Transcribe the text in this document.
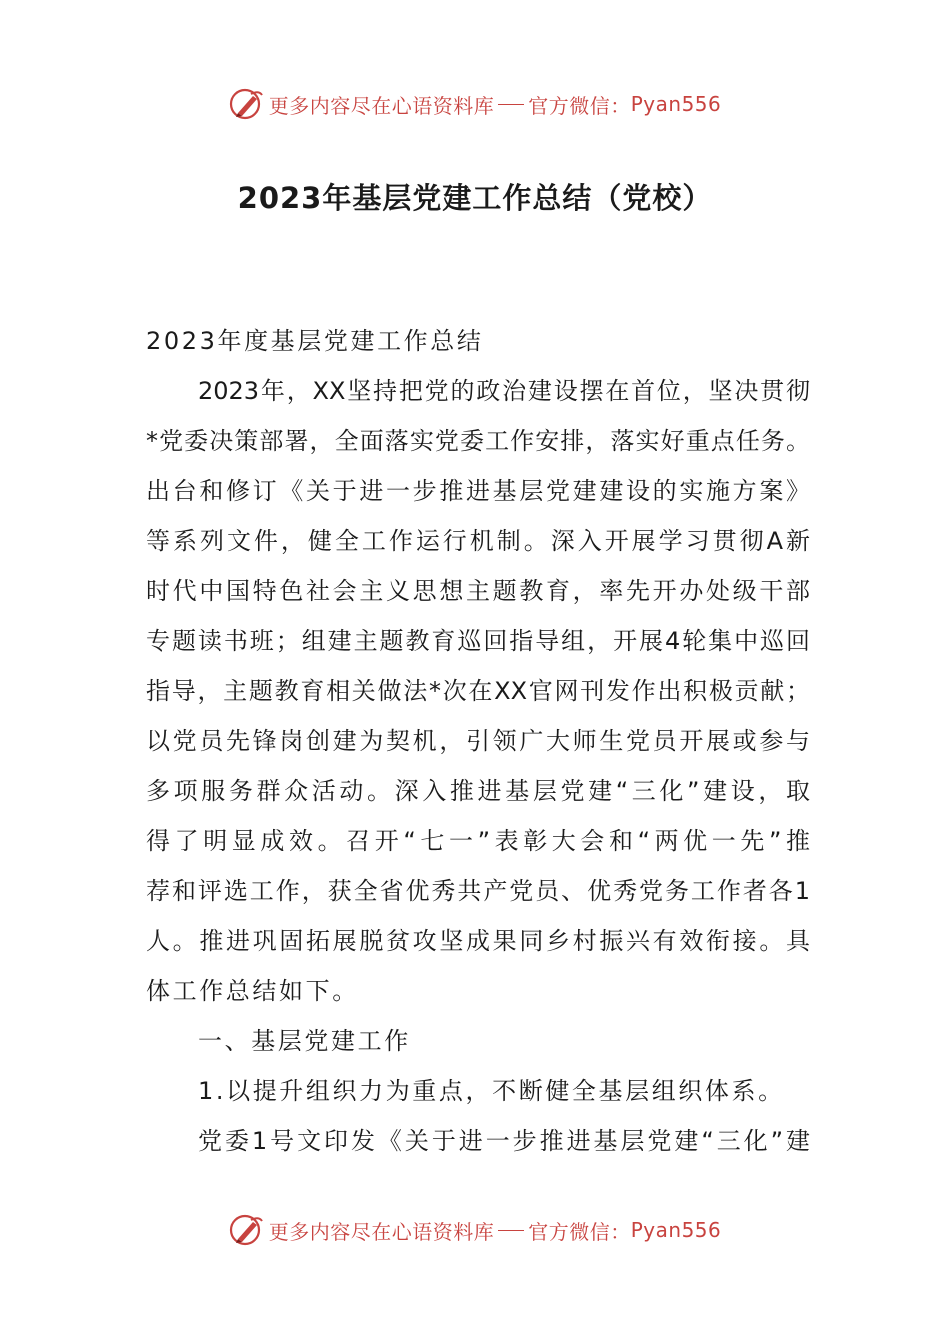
更多内容尽在心语资料库 官方微信： Pyan556
2023年基层党建工作总结（党校）
2023年度基层党建工作总结
2023年，XX坚持把党的政治建设摆在首位，坚决贯彻
*党委决策部署，全面落实党委工作安排，落实好重点任务。
出台和修订《关于进一步推进基层党建建设的实施方案》
等系列文件，健全工作运行机制。深入开展学习贯彻A新
时代中国特色社会主义思想主题教育，率先开办处级干部
专题读书班；组建主题教育巡回指导组，开展4轮集中巡回
指导，主题教育相关做法*次在XX官网刊发作出积极贡献；
以党员先锋岗创建为契机，引领广大师生党员开展或参与
多项服务群众活动。深入推进基层党建“三化”建设，取
得了明显成效。召开“七一”表彰大会和“两优一先”推
荐和评选工作，获全省优秀共产党员、优秀党务工作者各1
人。推进巩固拓展脱贫攻坚成果同乡村振兴有效衔接。具
体工作总结如下。
一、基层党建工作
1.以提升组织力为重点，不断健全基层组织体系。
党委1号文印发《关于进一步推进基层党建“三化”建
更多内容尽在心语资料库 官方微信： Pyan556
